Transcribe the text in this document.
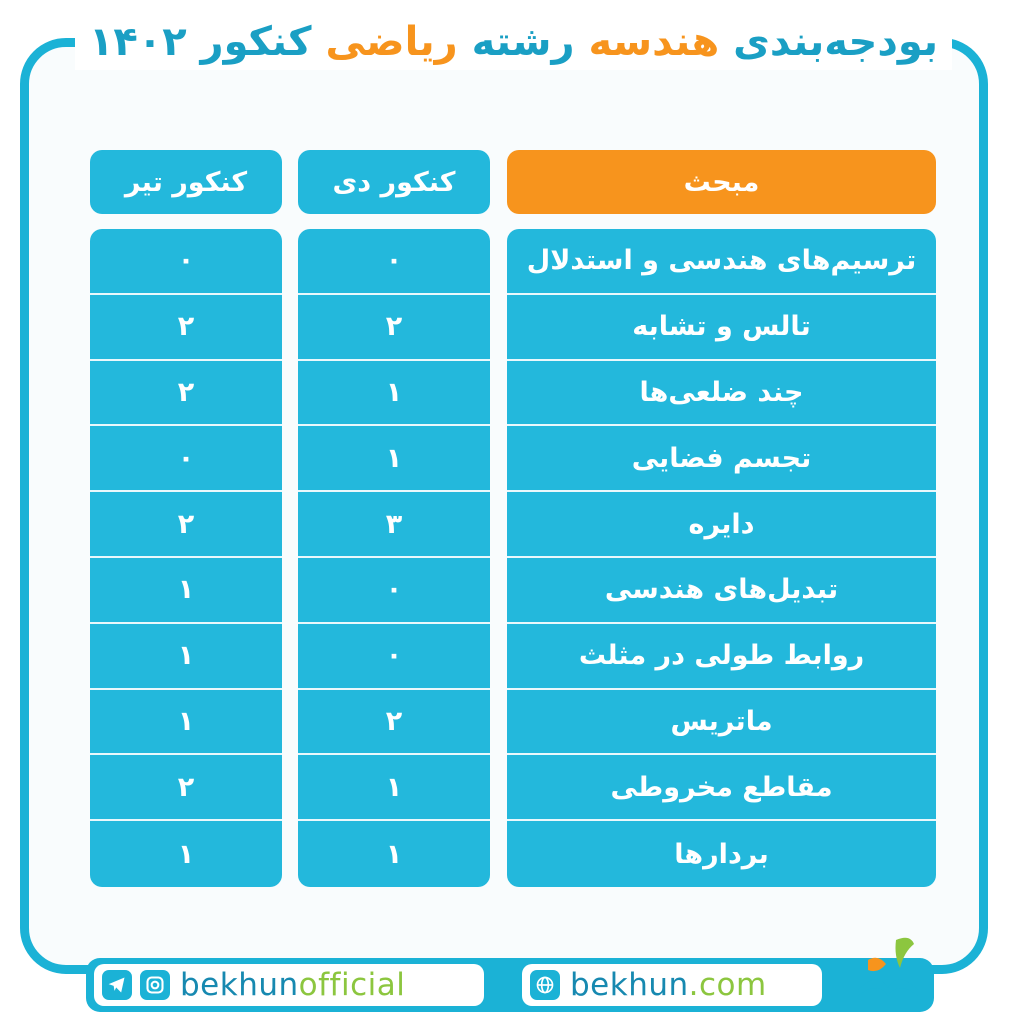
بودجه‌بندی هندسه رشته ریاضی کنکور ۱۴۰۲
مبحث
کنکور دی
کنکور تیر
ترسیم‌های هندسی و استدلال
تالس و تشابه
چند ضلعی‌ها
تجسم فضایی
دایره
تبدیل‌های هندسی
روابط طولی در مثلث
ماتریس
مقاطع مخروطی
بردارها
۰
۲
۱
۱
۳
۰
۰
۲
۱
۱
۰
۲
۲
۰
۲
۱
۱
۱
۲
۱
bekhunofficial	bekhun.com
